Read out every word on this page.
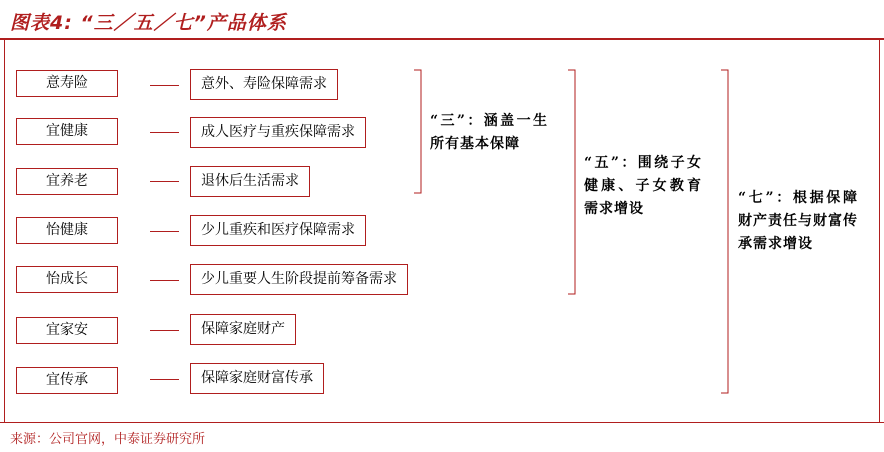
图表4: “三／五／七”产品体系
意寿险	意外、寿险保障需求
宜健康	成人医疗与重疾保障需求
宜养老	退休后生活需求
怡健康	少儿重疾和医疗保障需求
怡成长	少儿重要人生阶段提前筹备需求
宜家安	保障家庭财产
宜传承	保障家庭财富传承
“三”：涵盖一生所有基本保障
“五”：围绕子女健康、子女教育需求增设
“七”：根据保障财产责任与财富传承需求增设
来源：公司官网，中泰证券研究所
